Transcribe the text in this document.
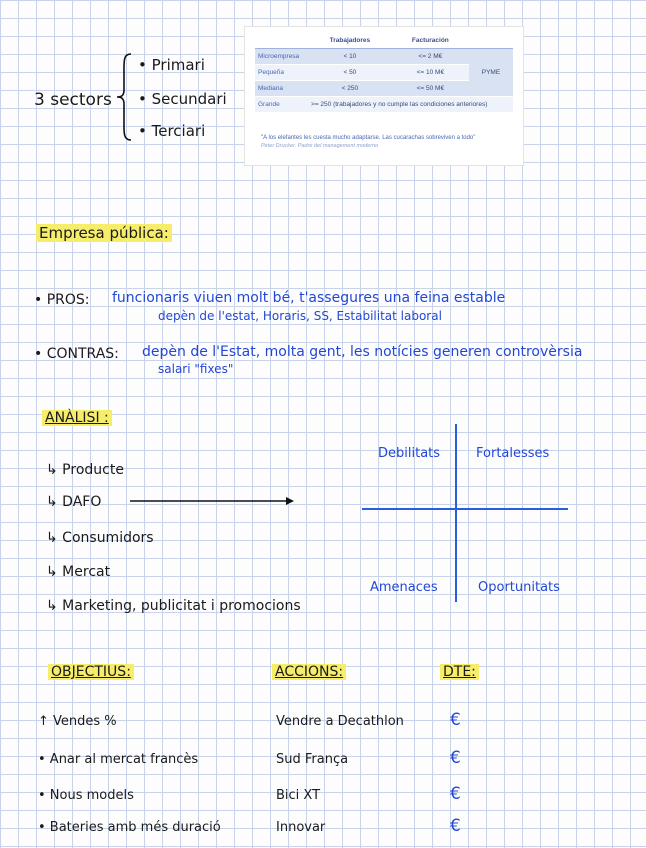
3 sectors
• Primari
• Secundari
• Terciari
	Trabajadores	Facturación	
Microempresa	< 10	<= 2 M€	PYME
Pequeña	< 50	<= 10 M€	
Mediana	< 250	<= 50 M€	
Grande	>= 250 (trabajadores y no cumple las condiciones anteriores)		
"A los elefantes les cuesta mucho adaptarse. Las cucarachas sobreviven a todo"
Peter Drucker. Padre del management moderno
Empresa pública:
• PROS: funcionaris viuen molt bé, t'assegures una feina estable
depèn de l'estat, Horaris, SS, Estabilitat laboral
• CONTRAS: depèn de l'Estat, molta gent, les notícies generen controvèrsia
salari "fixes"
ANÀLISI :
↳ Producte
↳ DAFO
↳ Consumidors
↳ Mercat
↳ Marketing, publicitat i promocions
Debilitats	Fortalesses
Amenaces	Oportunitats
OBJECTIUS:	ACCIONS:	DTE:
↑ Vendes %	Vendre a Decathlon	€
• Anar al mercat francès	Sud França	€
• Nous models	Bici XT	€
• Bateries amb més duració	Innovar	€
